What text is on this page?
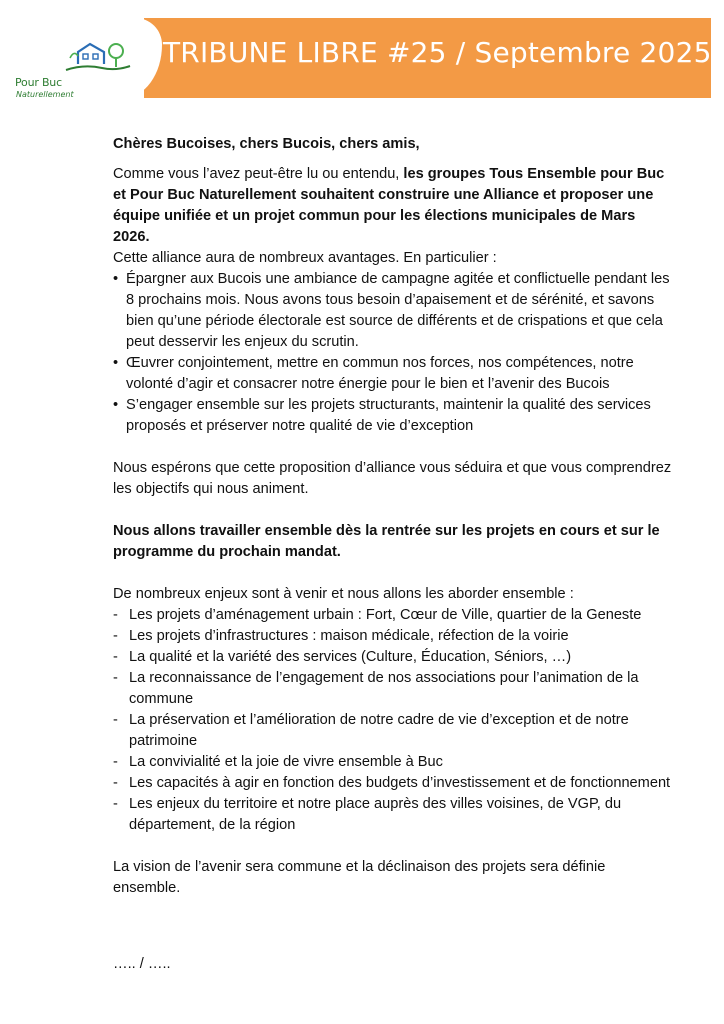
Pour Buc
Naturellement
TRIBUNE LIBRE #25 / Septembre 2025

Chères Bucoises, chers Bucois, chers amis,

Comme vous l’avez peut-être lu ou entendu, les groupes Tous Ensemble pour Buc et Pour Buc Naturellement souhaitent construire une Alliance et proposer une équipe unifiée et un projet commun pour les élections municipales de Mars 2026.

Cette alliance aura de nombreux avantages. En particulier :

• Épargner aux Bucois une ambiance de campagne agitée et conflictuelle pendant les 8 prochains mois. Nous avons tous besoin d’apaisement et de sérénité, et savons bien qu’une période électorale est source de différents et de crispations et que cela peut desservir les enjeux du scrutin.

• Œuvrer conjointement, mettre en commun nos forces, nos compétences, notre volonté d’agir et consacrer notre énergie pour le bien et l’avenir des Bucois

• S’engager ensemble sur les projets structurants, maintenir la qualité des services proposés et préserver notre qualité de vie d’exception

Nous espérons que cette proposition d’alliance vous séduira et que vous comprendrez les objectifs qui nous animent.

Nous allons travailler ensemble dès la rentrée sur les projets en cours et sur le programme du prochain mandat.

De nombreux enjeux sont à venir et nous allons les aborder ensemble :

- Les projets d’aménagement urbain : Fort, Cœur de Ville, quartier de la Geneste

- Les projets d’infrastructures : maison médicale, réfection de la voirie

- La qualité et la variété des services (Culture, Éducation, Séniors, …)

- La reconnaissance de l’engagement de nos associations pour l’animation de la commune

- La préservation et l’amélioration de notre cadre de vie d’exception et de notre patrimoine

- La convivialité et la joie de vivre ensemble à Buc

- Les capacités à agir en fonction des budgets d’investissement et de fonctionnement

- Les enjeux du territoire et notre place auprès des villes voisines, de VGP, du département, de la région

La vision de l’avenir sera commune et la déclinaison des projets sera définie ensemble.

….. / …..
